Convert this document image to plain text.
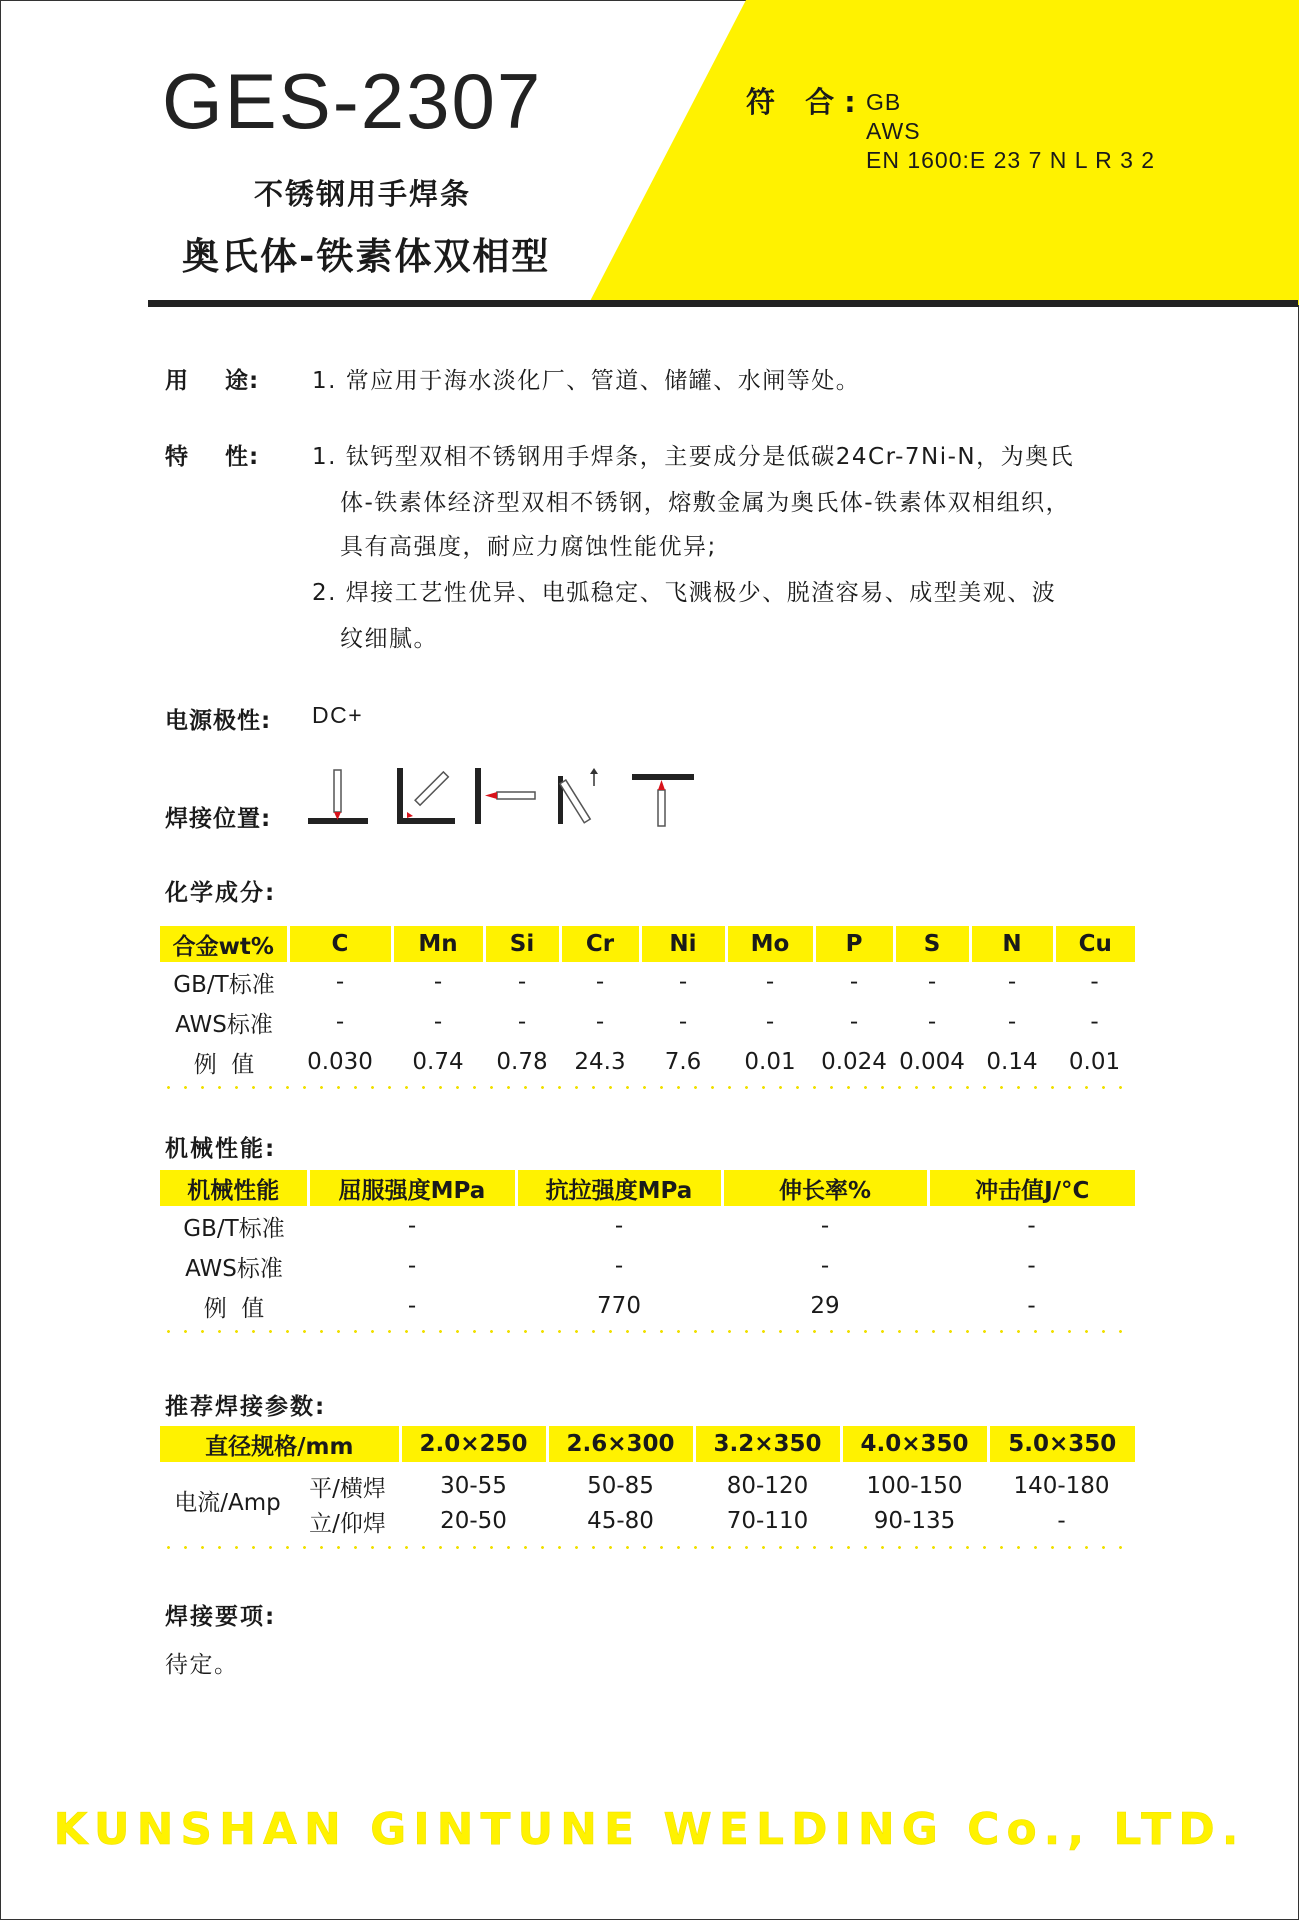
GES-2307
不锈钢用手焊条
奥氏体-铁素体双相型
符 合: GB
AWS
EN 1600:E 23 7 N L R 3 2
用    途: 1. 常应用于海水淡化厂、管道、储罐、水闸等处。
特    性: 1. 钛钙型双相不锈钢用手焊条，主要成分是低碳24Cr-7Ni-N，为奥氏
体-铁素体经济型双相不锈钢，熔敷金属为奥氏体-铁素体双相组织，
具有高强度，耐应力腐蚀性能优异;
2. 焊接工艺性优异、电弧稳定、飞溅极少、脱渣容易、成型美观、波
纹细腻。
电源极性: DC+
焊接位置:
化学成分:
合金wt%	C	Mn	Si	Cr	Ni	Mo	P	S	N	Cu
GB/T标准	-	-	-	-	-	-	-	-	-	-
AWS标准	-	-	-	-	-	-	-	-	-	-
例  值	0.030	0.74	0.78	24.3	7.6	0.01	0.024	0.004	0.14	0.01
机械性能:
机械性能	屈服强度MPa	抗拉强度MPa	伸长率%	冲击值J/°C
GB/T标准	-	-	-	-
AWS标准	-	-	-	-
例  值	-	770	29	-
推荐焊接参数:
直径规格/mm		2.0×250	2.6×300	3.2×350	4.0×350	5.0×350
电流/Amp	平/横焊	30-55	50-85	80-120	100-150	140-180
	立/仰焊	20-50	45-80	70-110	90-135	-
焊接要项:
待定。
KUNSHAN GINTUNE WELDING Co., LTD.
